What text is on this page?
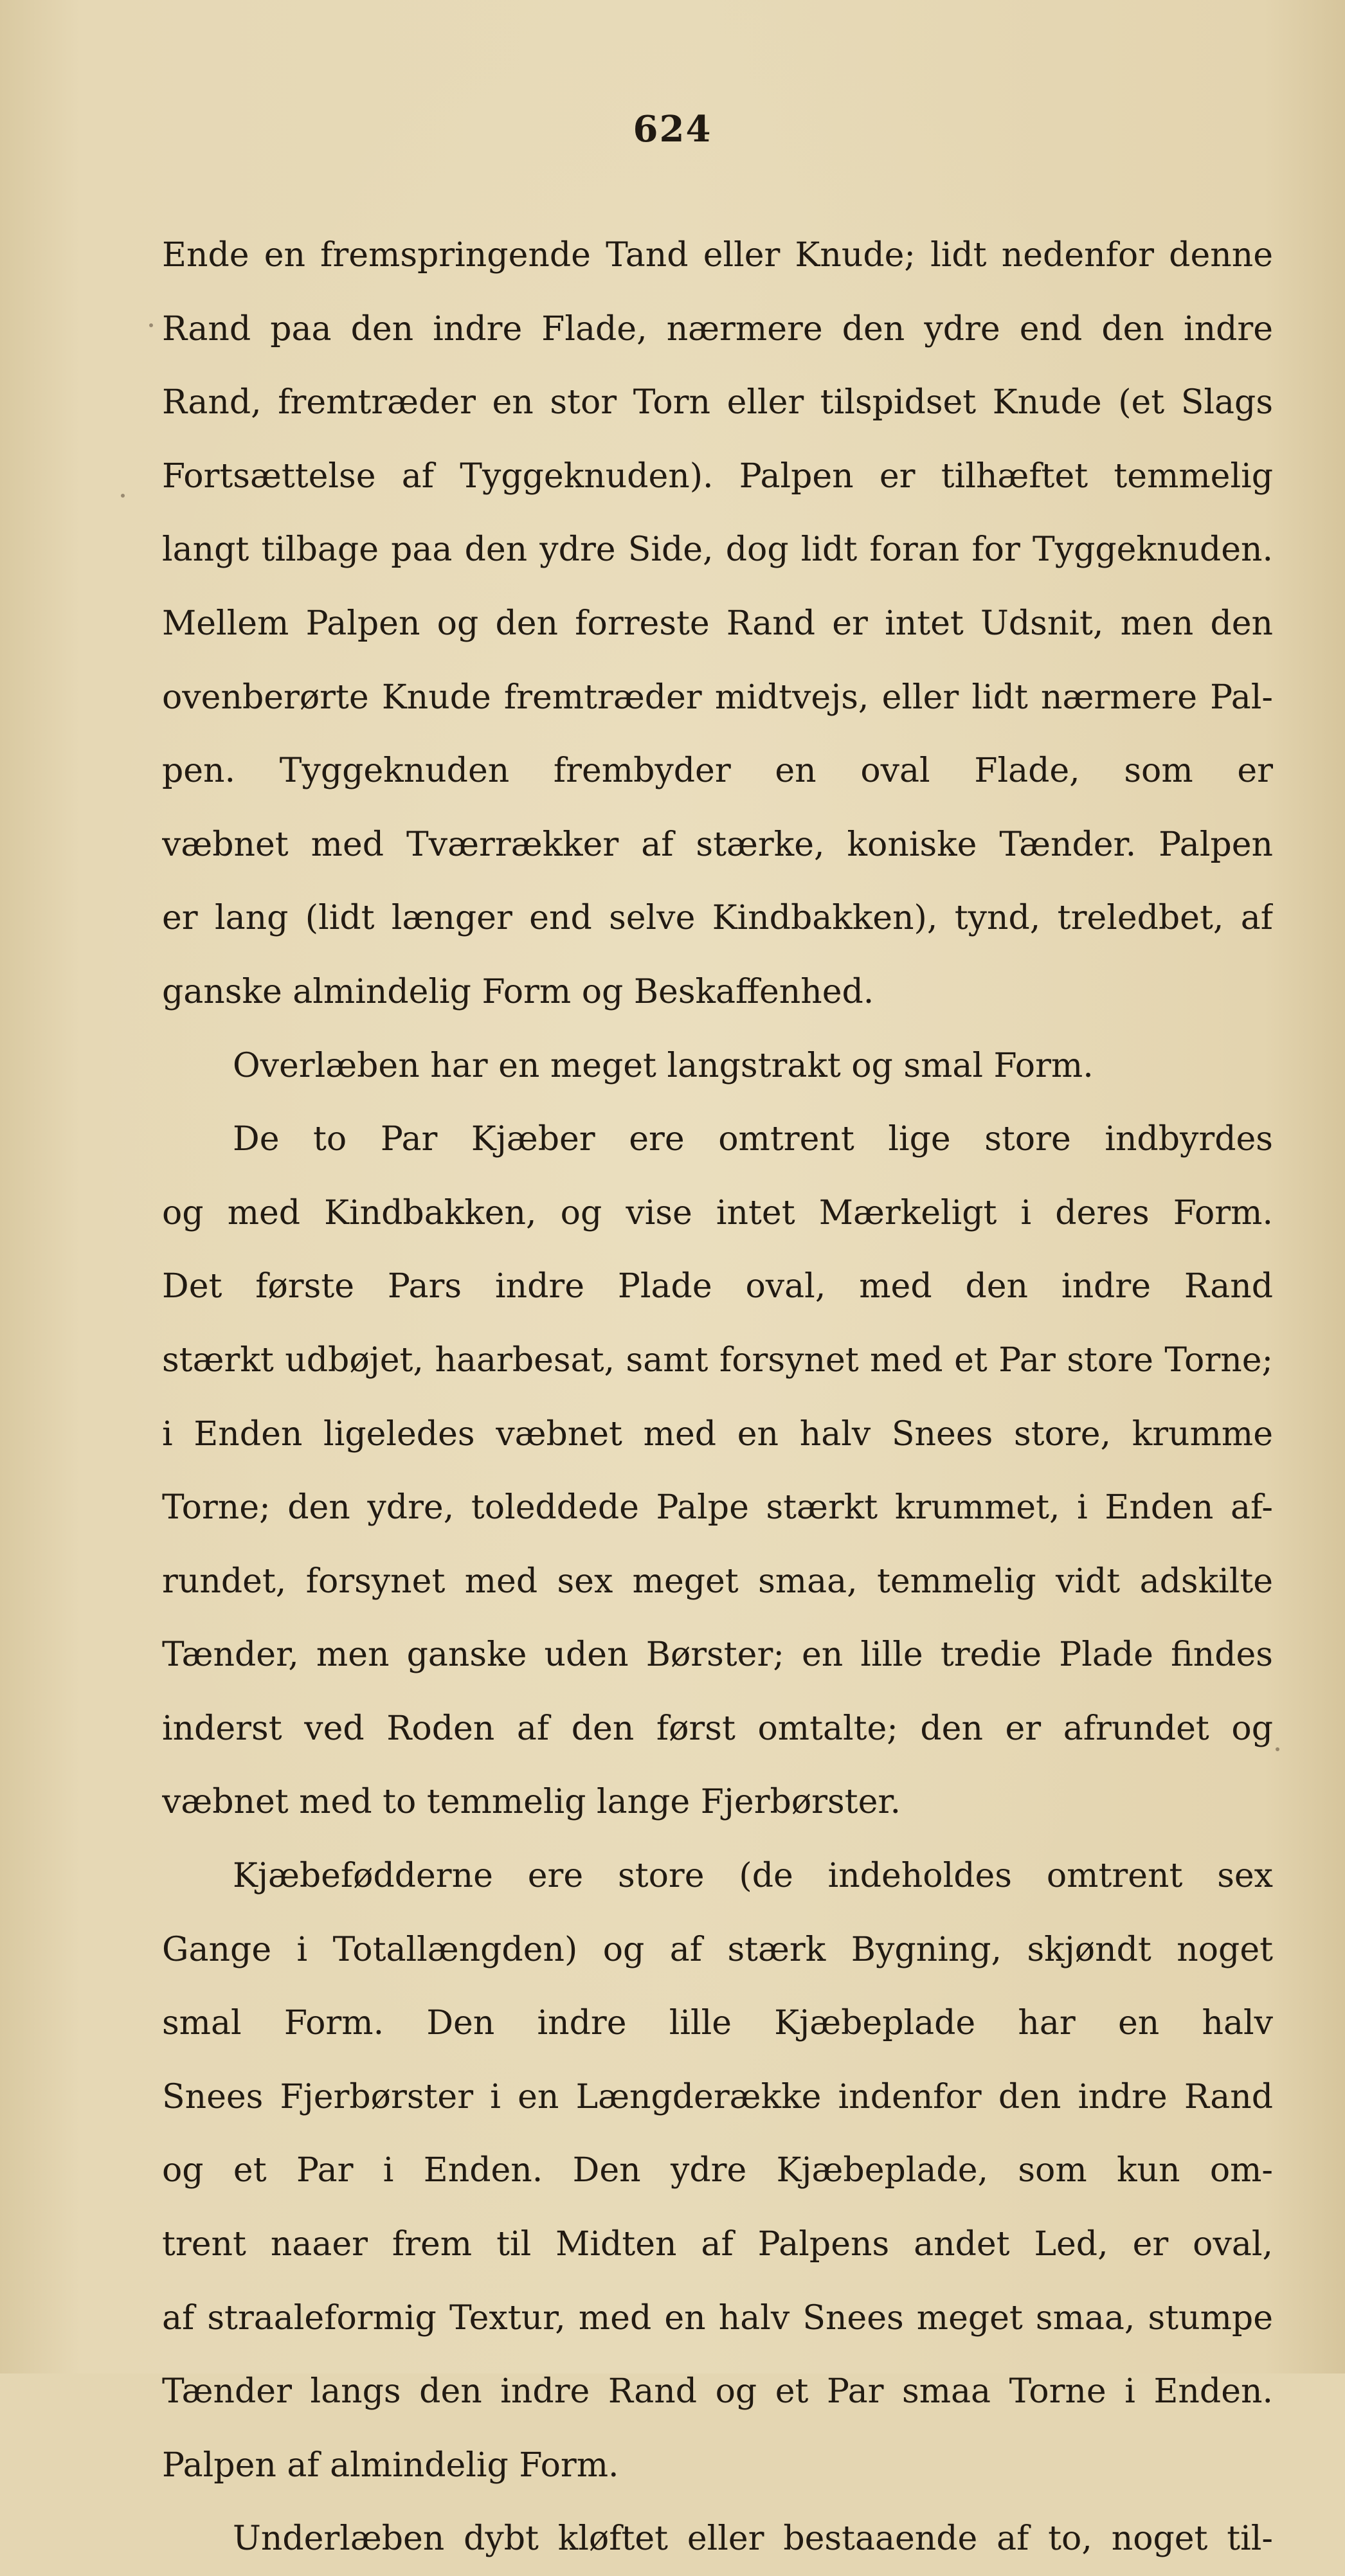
624
Ende en fremspringende Tand eller Knude; lidt nedenfor denne
Rand paa den indre Flade, nærmere den ydre end den indre
Rand, fremtræder en stor Torn eller tilspidset Knude (et Slags
Fortsættelse af Tyggeknuden). Palpen er tilhæftet temmelig
langt tilbage paa den ydre Side, dog lidt foran for Tyggeknuden.
Mellem Palpen og den forreste Rand er intet Udsnit, men den
ovenberørte Knude fremtræder midtvejs, eller lidt nærmere Pal-
pen. Tyggeknuden frembyder en oval Flade, som er
væbnet med Tværrækker af stærke, koniske Tænder. Palpen
er lang (lidt længer end selve Kindbakken), tynd, treledbet, af
ganske almindelig Form og Beskaffenhed.
Overlæben har en meget langstrakt og smal Form.
De to Par Kjæber ere omtrent lige store indbyrdes
og med Kindbakken, og vise intet Mærkeligt i deres Form.
Det første Pars indre Plade oval, med den indre Rand
stærkt udbøjet, haarbesat, samt forsynet med et Par store Torne;
i Enden ligeledes væbnet med en halv Snees store, krumme
Torne; den ydre, toleddede Palpe stærkt krummet, i Enden af-
rundet, forsynet med sex meget smaa, temmelig vidt adskilte
Tænder, men ganske uden Børster; en lille tredie Plade findes
inderst ved Roden af den først omtalte; den er afrundet og
væbnet med to temmelig lange Fjerbørster.
Kjæbefødderne ere store (de indeholdes omtrent sex
Gange i Totallængden) og af stærk Bygning, skjøndt noget
smal Form. Den indre lille Kjæbeplade har en halv
Snees Fjerbørster i en Længderække indenfor den indre Rand
og et Par i Enden. Den ydre Kjæbeplade, som kun om-
trent naaer frem til Midten af Palpens andet Led, er oval,
af straaleformig Textur, med en halv Snees meget smaa, stumpe
Tænder langs den indre Rand og et Par smaa Torne i Enden.
Palpen af almindelig Form.
Underlæben dybt kløftet eller bestaaende af to, noget til-
